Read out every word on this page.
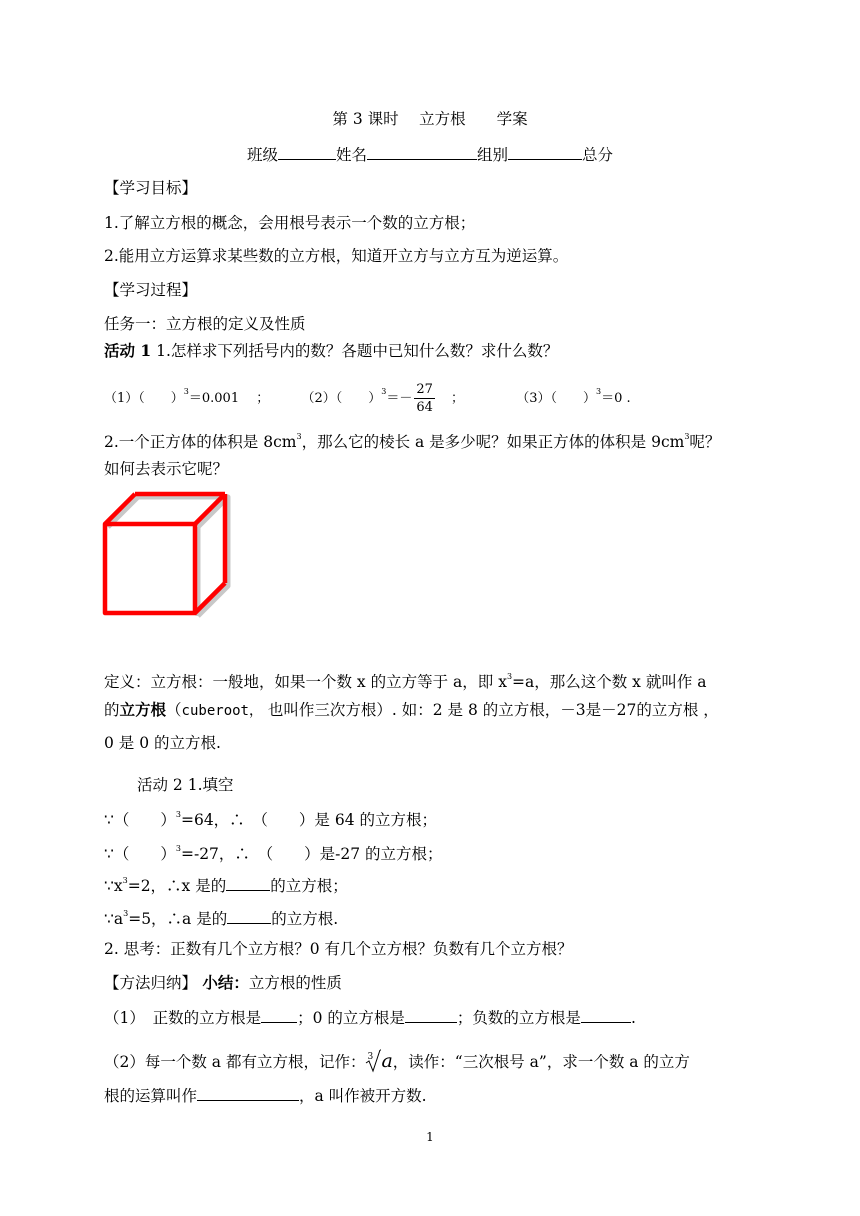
第 3 课时　 立方根　　学案
班级	姓名	组别	总分
【学习目标】
1.了解立方根的概念，会用根号表示一个数的立方根；
2.能用立方运算求某些数的立方根，知道开立方与立方互为逆运算。
【学习过程】
任务一：立方根的定义及性质
活动 1 1.怎样求下列括号内的数？各题中已知什么数？求什么数？
（1）（　　）$^3$＝0.001　 ； （2）（　　）$^3=- \frac{27}{64}$ ；	（3）（　　）$^3$＝0 .
2.一个正方体的体积是 $8cm^3$，那么它的棱长 a 是多少呢？如果正方体的体积是 $9cm^3$呢？
如何去表示它呢？
定义：立方根：一般地，如果一个数 x 的立方等于 a，即 $x^3=a$，那么这个数 x 就叫作 a
的立方根（cuberoot， 也叫作三次方根）. 如：2 是 8 的立方根，－3是－27的立方根 ，
0 是 0 的立方根.
活动 2 1.填空
∵（　　）$^3$=64，∴　（　　）是 64 的立方根；
∵（　　）$^3$=-27，∴　（　　）是-27 的立方根；
$\because x^3=2$，∴x 是的	的立方根；
$\because a^3=5$，∴a 是的	的立方根.
2. 思考：正数有几个立方根？0 有几个立方根？负数有几个立方根？
【方法归纳】 小结：立方根的性质
（1）　正数的立方根是 ；0 的立方根是	；负数的立方根是	.
（2）每一个数 a 都有立方根，记作： 3 a，读作：“三次根号 a”，求一个数 a 的立方
根的运算叫作	，a 叫作被开方数.
1
